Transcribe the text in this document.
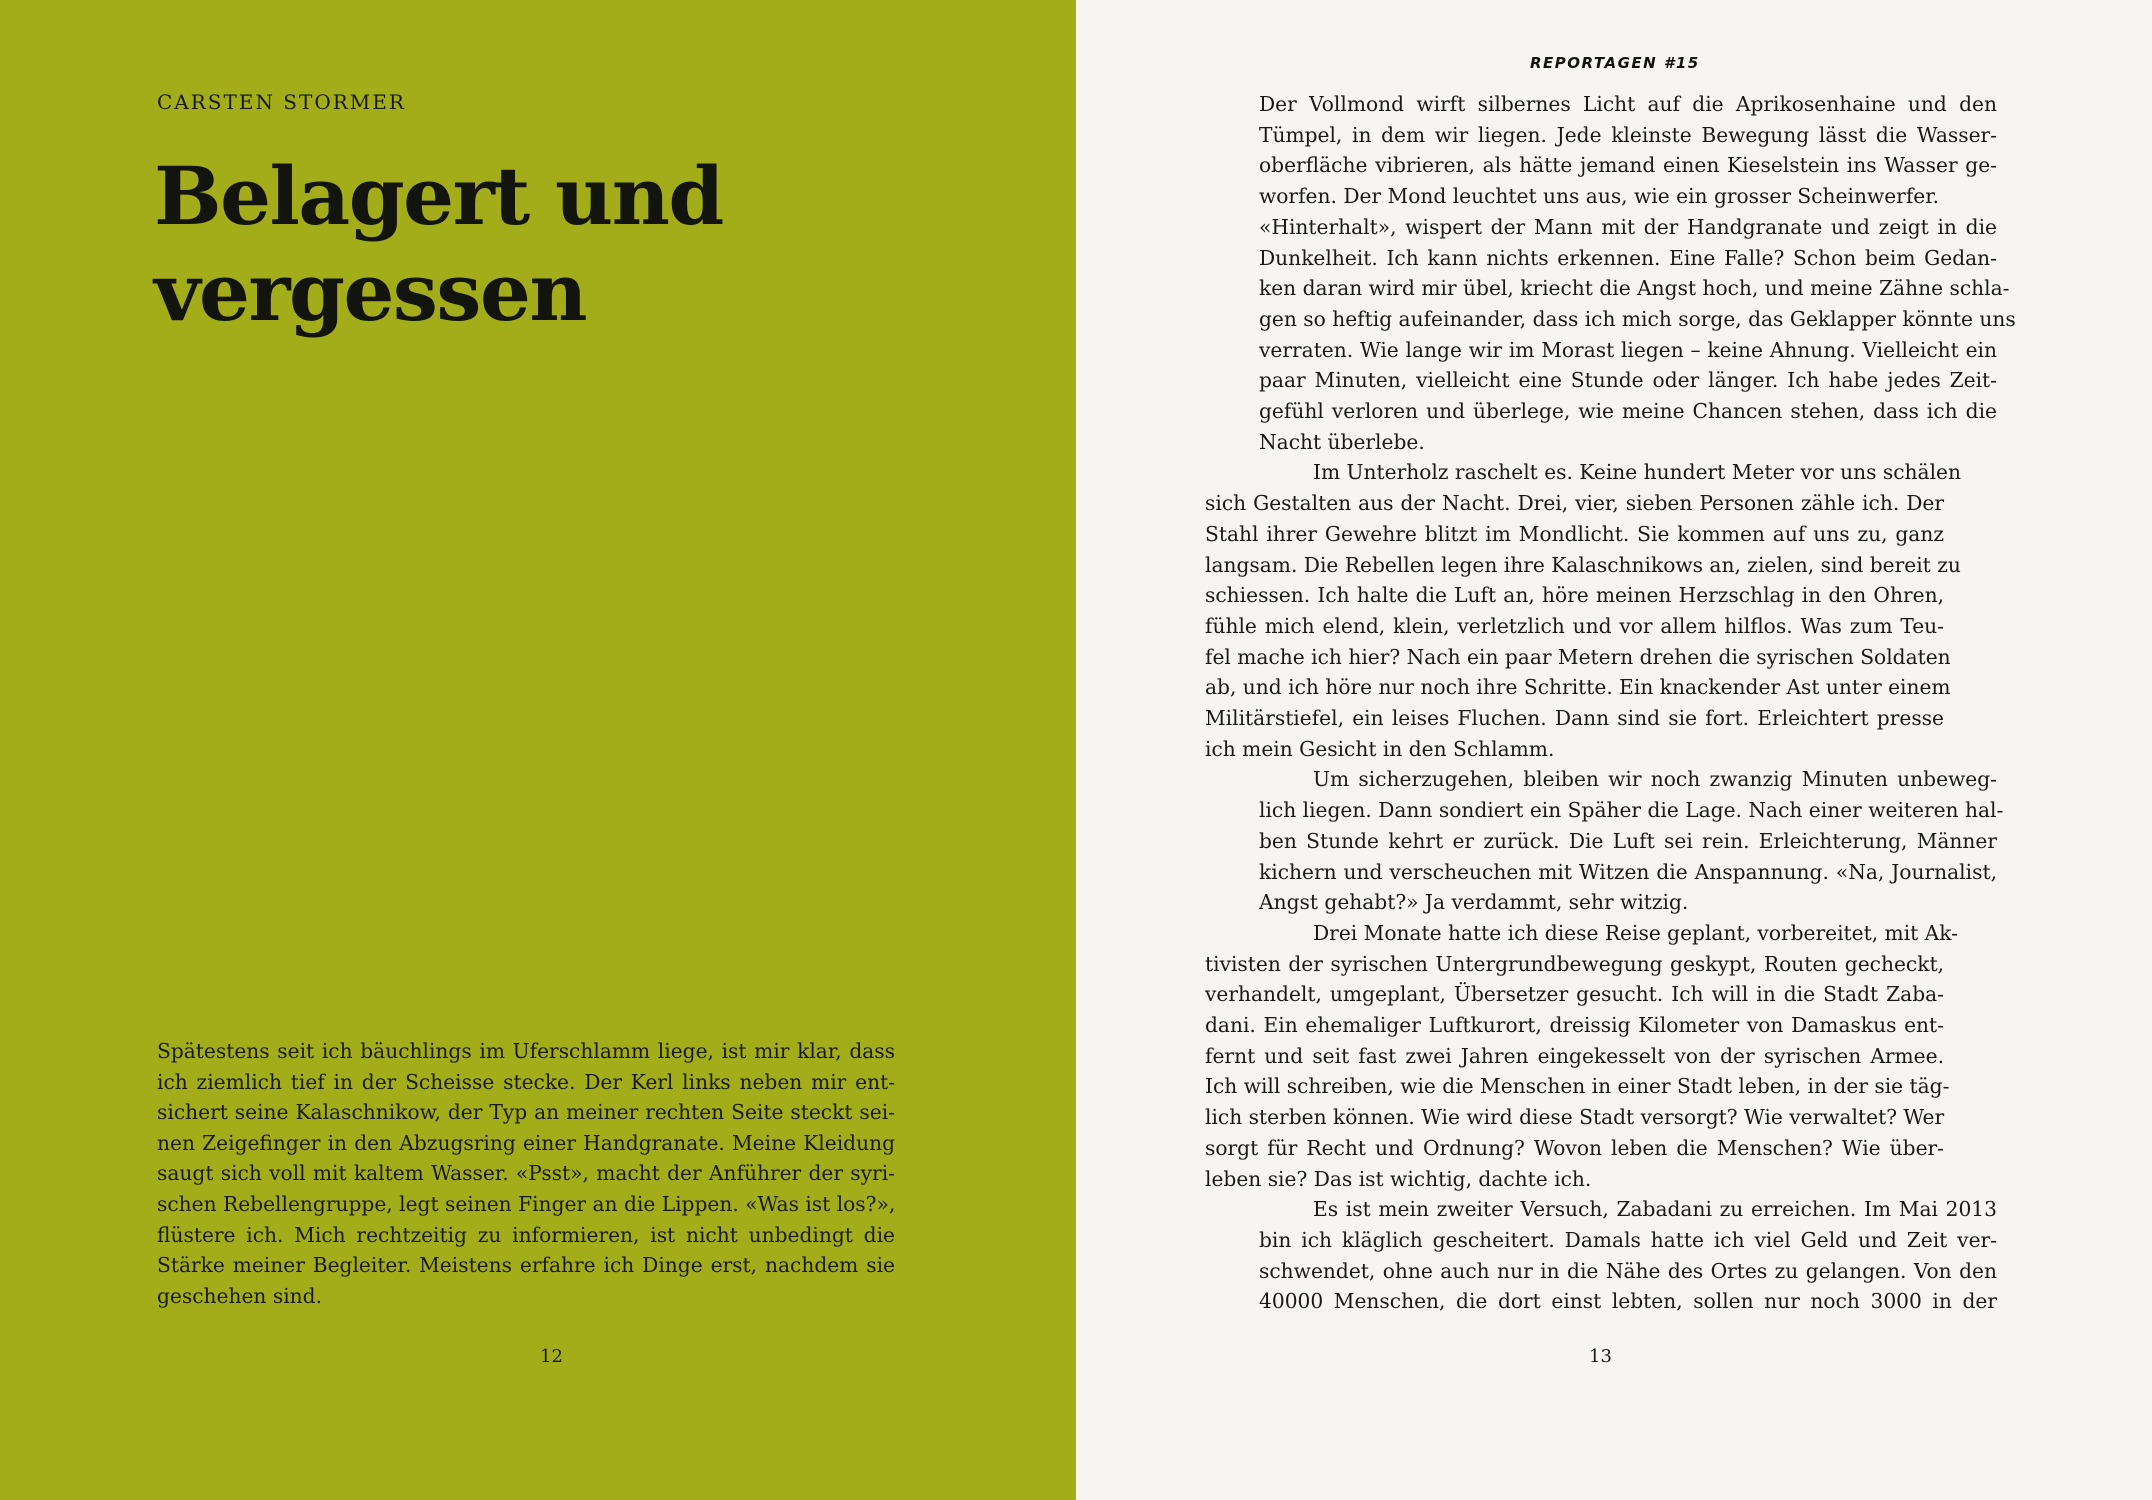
CARSTEN STORMER
Belagert und
vergessen
Spätestens seit ich bäuchlings im Uferschlamm liege, ist mir klar, dass
ich ziemlich tief in der Scheisse stecke. Der Kerl links neben mir ent-
sichert seine Kalaschnikow, der Typ an meiner rechten Seite steckt sei-
nen Zeigefinger in den Abzugsring einer Handgranate. Meine Kleidung
saugt sich voll mit kaltem Wasser. «Psst», macht der Anführer der syri-
schen Rebellengruppe, legt seinen Finger an die Lippen. «Was ist los?»,
flüstere ich. Mich rechtzeitig zu informieren, ist nicht unbedingt die
Stärke meiner Begleiter. Meistens erfahre ich Dinge erst, nachdem sie
geschehen sind.
12
REPORTAGEN #15
Der Vollmond wirft silbernes Licht auf die Aprikosenhaine und den
Tümpel, in dem wir liegen. Jede kleinste Bewegung lässt die Wasser-
oberfläche vibrieren, als hätte jemand einen Kieselstein ins Wasser ge-
worfen. Der Mond leuchtet uns aus, wie ein grosser Scheinwerfer.
«Hinterhalt», wispert der Mann mit der Handgranate und zeigt in die
Dunkelheit. Ich kann nichts erkennen. Eine Falle? Schon beim Gedan-
ken daran wird mir übel, kriecht die Angst hoch, und meine Zähne schla-
gen so heftig aufeinander, dass ich mich sorge, das Geklapper könnte uns
verraten. Wie lange wir im Morast liegen – keine Ahnung. Vielleicht ein
paar Minuten, vielleicht eine Stunde oder länger. Ich habe jedes Zeit-
gefühl verloren und überlege, wie meine Chancen stehen, dass ich die
Nacht überlebe.
Im Unterholz raschelt es. Keine hundert Meter vor uns schälen
sich Gestalten aus der Nacht. Drei, vier, sieben Personen zähle ich. Der
Stahl ihrer Gewehre blitzt im Mondlicht. Sie kommen auf uns zu, ganz
langsam. Die Rebellen legen ihre Kalaschnikows an, zielen, sind bereit zu
schiessen. Ich halte die Luft an, höre meinen Herzschlag in den Ohren,
fühle mich elend, klein, verletzlich und vor allem hilflos. Was zum Teu-
fel mache ich hier? Nach ein paar Metern drehen die syrischen Soldaten
ab, und ich höre nur noch ihre Schritte. Ein knackender Ast unter einem
Militärstiefel, ein leises Fluchen. Dann sind sie fort. Erleichtert presse
ich mein Gesicht in den Schlamm.
Um sicherzugehen, bleiben wir noch zwanzig Minuten unbeweg-
lich liegen. Dann sondiert ein Späher die Lage. Nach einer weiteren hal-
ben Stunde kehrt er zurück. Die Luft sei rein. Erleichterung, Männer
kichern und verscheuchen mit Witzen die Anspannung. «Na, Journalist,
Angst gehabt?» Ja verdammt, sehr witzig.
Drei Monate hatte ich diese Reise geplant, vorbereitet, mit Ak-
tivisten der syrischen Untergrundbewegung geskypt, Routen gecheckt,
verhandelt, umgeplant, Übersetzer gesucht. Ich will in die Stadt Zaba-
dani. Ein ehemaliger Luftkurort, dreissig Kilometer von Damaskus ent-
fernt und seit fast zwei Jahren eingekesselt von der syrischen Armee.
Ich will schreiben, wie die Menschen in einer Stadt leben, in der sie täg-
lich sterben können. Wie wird diese Stadt versorgt? Wie verwaltet? Wer
sorgt für Recht und Ordnung? Wovon leben die Menschen? Wie über-
leben sie? Das ist wichtig, dachte ich.
Es ist mein zweiter Versuch, Zabadani zu erreichen. Im Mai 2013
bin ich kläglich gescheitert. Damals hatte ich viel Geld und Zeit ver-
schwendet, ohne auch nur in die Nähe des Ortes zu gelangen. Von den
40000 Menschen, die dort einst lebten, sollen nur noch 3000 in der
13
